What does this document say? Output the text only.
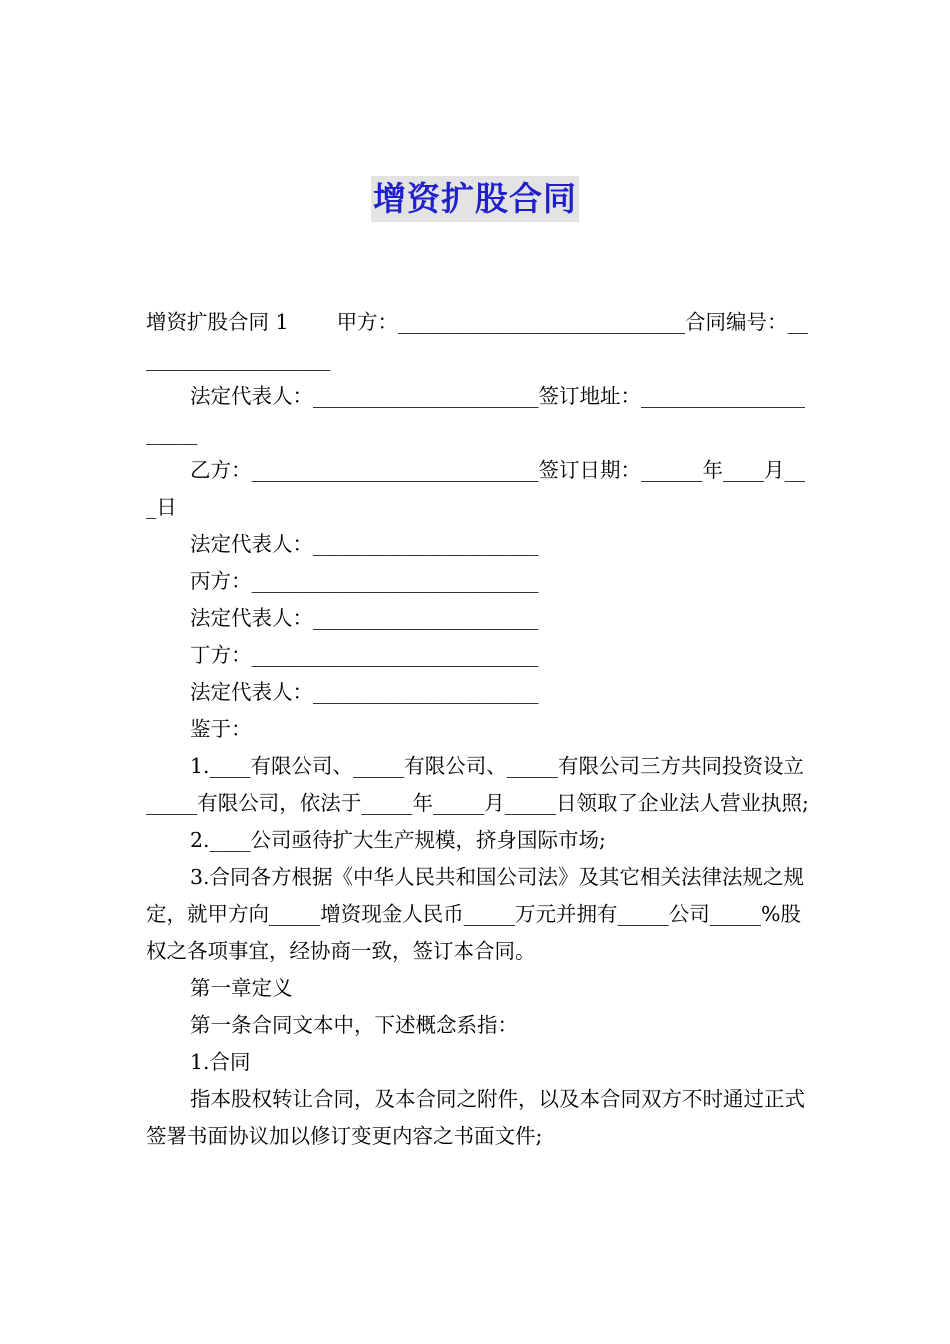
增资扩股合同

增资扩股合同 1 甲方：____________________________合同编号：____________________

法定代表人：______________________签订地址：_____________________

乙方：____________________________签订日期：______年____月___日

法定代表人：______________________

丙方：____________________________

法定代表人：______________________

丁方：____________________________

法定代表人：______________________

鉴于：

1.____有限公司、_____有限公司、_____有限公司三方共同投资设立_____有限公司，依法于_____年_____月_____日领取了企业法人营业执照;

2.____公司亟待扩大生产规模，挤身国际市场;

3.合同各方根据《中华人民共和国公司法》及其它相关法律法规之规定，就甲方向_____增资现金人民币_____万元并拥有_____公司_____%股权之各项事宜，经协商一致，签订本合同。

第一章定义

第一条合同文本中，下述概念系指：

1.合同

指本股权转让合同，及本合同之附件，以及本合同双方不时通过正式签署书面协议加以修订变更内容之书面文件;
